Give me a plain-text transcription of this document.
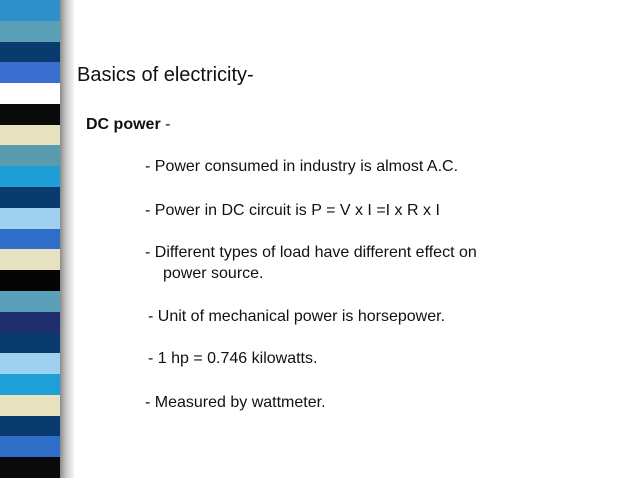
Basics of electricity-
DC power -
- Power consumed in industry is almost A.C.
- Power in DC circuit is P = V x I =I x R x I
- Different types of load have different effect on
power source.
- Unit of mechanical power is horsepower.
- 1 hp = 0.746 kilowatts.
- Measured by wattmeter.
